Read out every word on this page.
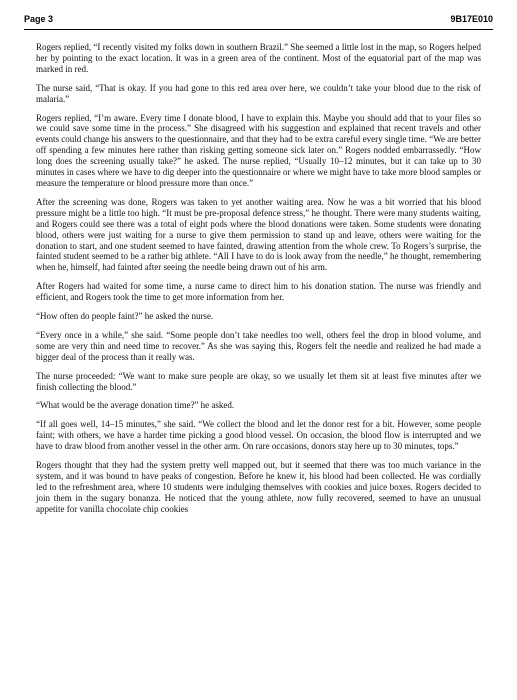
Page 3	9B17E010

Rogers replied, “I recently visited my folks down in southern Brazil.” She seemed a little lost in the map, so Rogers helped her by pointing to the exact location. It was in a green area of the continent. Most of the equatorial part of the map was marked in red.

The nurse said, “That is okay. If you had gone to this red area over here, we couldn’t take your blood due to the risk of malaria.”

Rogers replied, “I’m aware. Every time I donate blood, I have to explain this. Maybe you should add that to your files so we could save some time in the process.” She disagreed with his suggestion and explained that recent travels and other events could change his answers to the questionnaire, and that they had to be extra careful every single time. “We are better off spending a few minutes here rather than risking getting someone sick later on.” Rogers nodded embarrassedly. “How long does the screening usually take?” he asked. The nurse replied, “Usually 10–12 minutes, but it can take up to 30 minutes in cases where we have to dig deeper into the questionnaire or where we might have to take more blood samples or measure the temperature or blood pressure more than once.”

After the screening was done, Rogers was taken to yet another waiting area. Now he was a bit worried that his blood pressure might be a little too high. “It must be pre-proposal defence stress,” he thought. There were many students waiting, and Rogers could see there was a total of eight pods where the blood donations were taken. Some students were donating blood, others were just waiting for a nurse to give them permission to stand up and leave, others were waiting for the donation to start, and one student seemed to have fainted, drawing attention from the whole crew. To Rogers’s surprise, the fainted student seemed to be a rather big athlete. “All I have to do is look away from the needle,” he thought, remembering when he, himself, had fainted after seeing the needle being drawn out of his arm.

After Rogers had waited for some time, a nurse came to direct him to his donation station. The nurse was friendly and efficient, and Rogers took the time to get more information from her.

“How often do people faint?” he asked the nurse.

“Every once in a while,” she said. “Some people don’t take needles too well, others feel the drop in blood volume, and some are very thin and need time to recover.” As she was saying this, Rogers felt the needle and realized he had made a bigger deal of the process than it really was.

The nurse proceeded: “We want to make sure people are okay, so we usually let them sit at least five minutes after we finish collecting the blood.”

“What would be the average donation time?” he asked.

“If all goes well, 14–15 minutes,” she said. “We collect the blood and let the donor rest for a bit. However, some people faint; with others, we have a harder time picking a good blood vessel. On occasion, the blood flow is interrupted and we have to draw blood from another vessel in the other arm. On rare occasions, donors stay here up to 30 minutes, tops.”

Rogers thought that they had the system pretty well mapped out, but it seemed that there was too much variance in the system, and it was bound to have peaks of congestion. Before he knew it, his blood had been collected. He was cordially led to the refreshment area, where 10 students were indulging themselves with cookies and juice boxes. Rogers decided to join them in the sugary bonanza. He noticed that the young athlete, now fully recovered, seemed to have an unusual appetite for vanilla chocolate chip cookies
